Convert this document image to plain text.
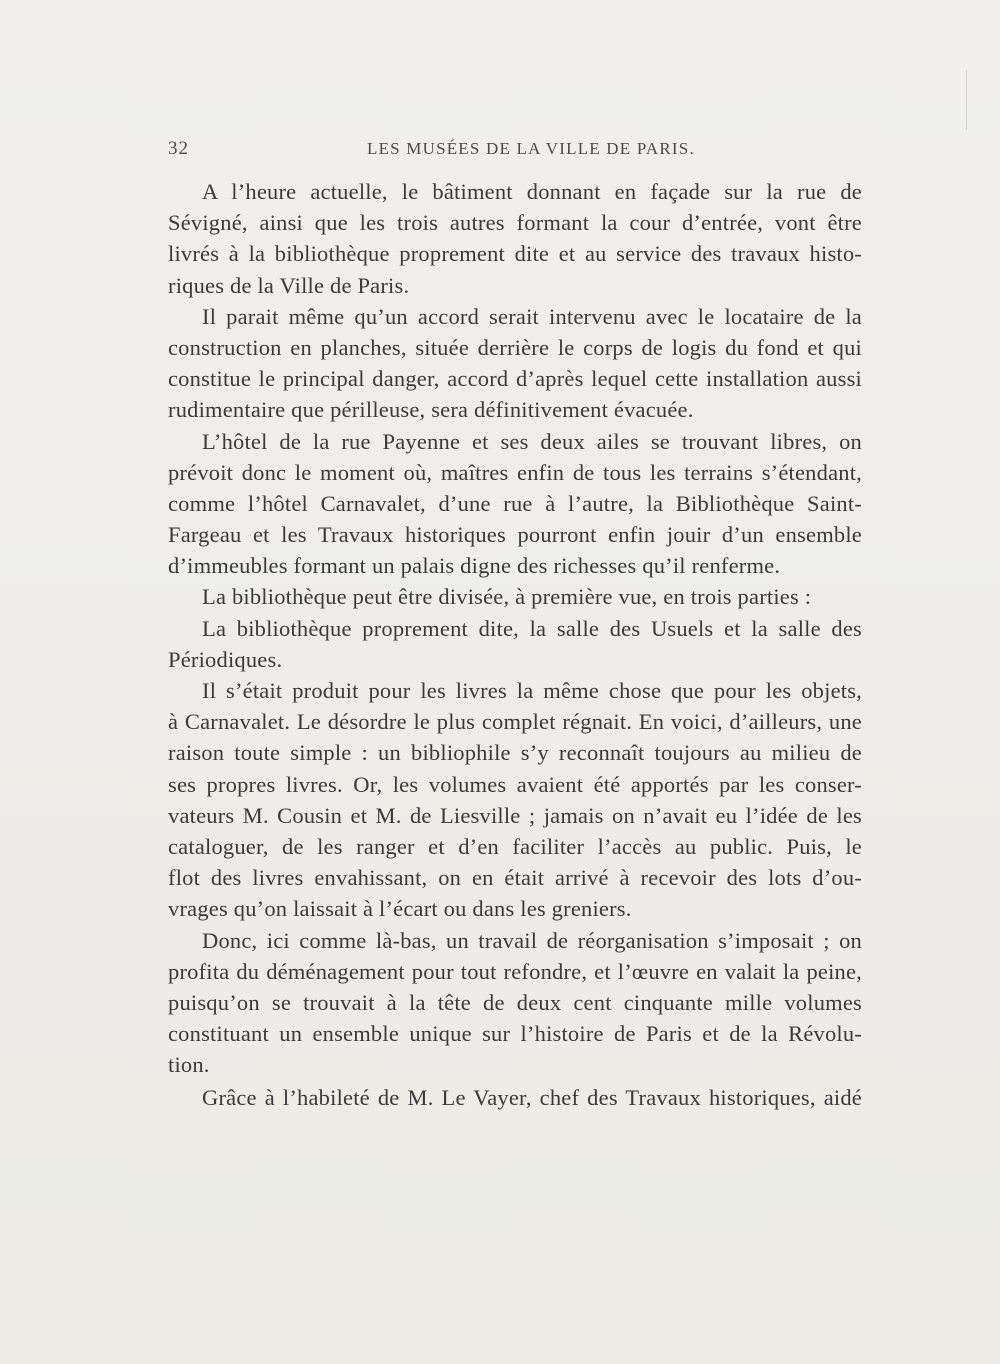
32	LES MUSÉES DE LA VILLE DE PARIS.
A l’heure actuelle, le bâtiment donnant en façade sur la rue de
Sévigné, ainsi que les trois autres formant la cour d’entrée, vont être
livrés à la bibliothèque proprement dite et au service des travaux histo-
riques de la Ville de Paris.
Il parait même qu’un accord serait intervenu avec le locataire de la
construction en planches, située derrière le corps de logis du fond et qui
constitue le principal danger, accord d’après lequel cette installation aussi
rudimentaire que périlleuse, sera définitivement évacuée.
L’hôtel de la rue Payenne et ses deux ailes se trouvant libres, on
prévoit donc le moment où, maîtres enfin de tous les terrains s’étendant,
comme l’hôtel Carnavalet, d’une rue à l’autre, la Bibliothèque Saint-
Fargeau et les Travaux historiques pourront enfin jouir d’un ensemble
d’immeubles formant un palais digne des richesses qu’il renferme.
La bibliothèque peut être divisée, à première vue, en trois parties :
La bibliothèque proprement dite, la salle des Usuels et la salle des
Périodiques.
Il s’était produit pour les livres la même chose que pour les objets,
à Carnavalet. Le désordre le plus complet régnait. En voici, d’ailleurs, une
raison toute simple : un bibliophile s’y reconnaît toujours au milieu de
ses propres livres. Or, les volumes avaient été apportés par les conser-
vateurs M. Cousin et M. de Liesville ; jamais on n’avait eu l’idée de les
cataloguer, de les ranger et d’en faciliter l’accès au public. Puis, le
flot des livres envahissant, on en était arrivé à recevoir des lots d’ou-
vrages qu’on laissait à l’écart ou dans les greniers.
Donc, ici comme là-bas, un travail de réorganisation s’imposait ; on
profita du déménagement pour tout refondre, et l’œuvre en valait la peine,
puisqu’on se trouvait à la tête de deux cent cinquante mille volumes
constituant un ensemble unique sur l’histoire de Paris et de la Révolu-
tion.
Grâce à l’habileté de M. Le Vayer, chef des Travaux historiques, aidé
